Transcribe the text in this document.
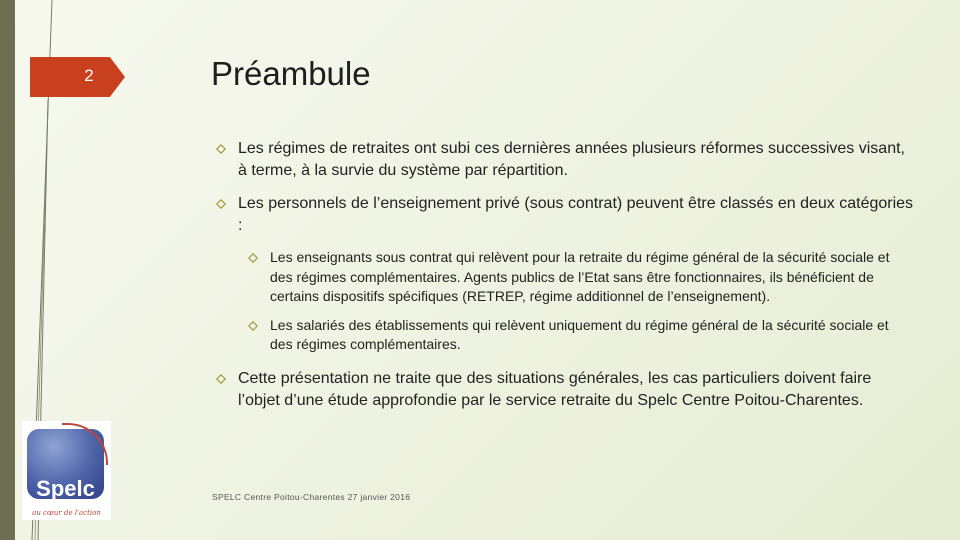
2	Préambule
Les régimes de retraites ont subi ces dernières années plusieurs réformes successives visant, à terme, à la survie du système par répartition.
Les personnels de l’enseignement privé (sous contrat) peuvent être classés en deux catégories :
Les enseignants sous contrat qui relèvent pour la retraite du régime général de la sécurité sociale et des régimes complémentaires. Agents publics de l’Etat sans être fonctionnaires, ils bénéficient de certains dispositifs spécifiques (RETREP, régime additionnel de l’enseignement).
Les salariés des établissements qui relèvent uniquement du régime général de la sécurité sociale et des régimes complémentaires.
Cette présentation ne traite que des situations générales, les cas particuliers doivent faire l’objet d’une étude approfondie par le service retraite du Spelc Centre Poitou-Charentes.
Spelc
au cœur de l'action
SPELC Centre Poitou-Charentes 27 janvier 2016
